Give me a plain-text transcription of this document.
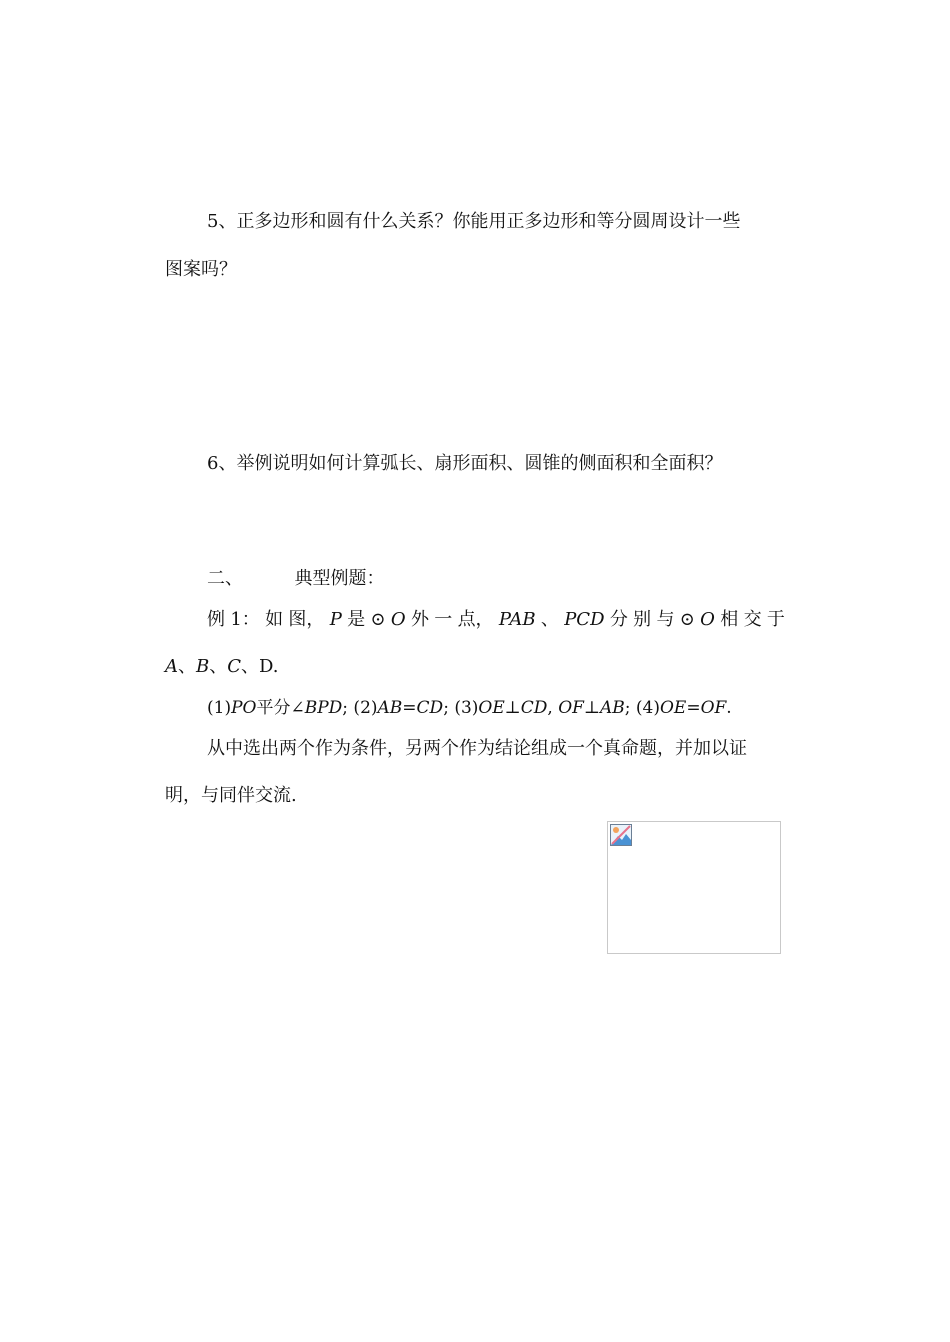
5、正多边形和圆有什么关系？你能用正多边形和等分圆周设计一些
图案吗？
6、举例说明如何计算弧长、扇形面积、圆锥的侧面积和全面积？
二、	典型例题：
例 1： 如 图， P 是 ⊙ O 外 一 点， PAB 、 PCD 分 别 与 ⊙ O 相 交 于
A、B、C、D.
(1)PO平分∠BPD; (2)AB=CD; (3)OE⊥CD, OF⊥AB; (4)OE=OF.
从中选出两个作为条件，另两个作为结论组成一个真命题，并加以证
明，与同伴交流.
